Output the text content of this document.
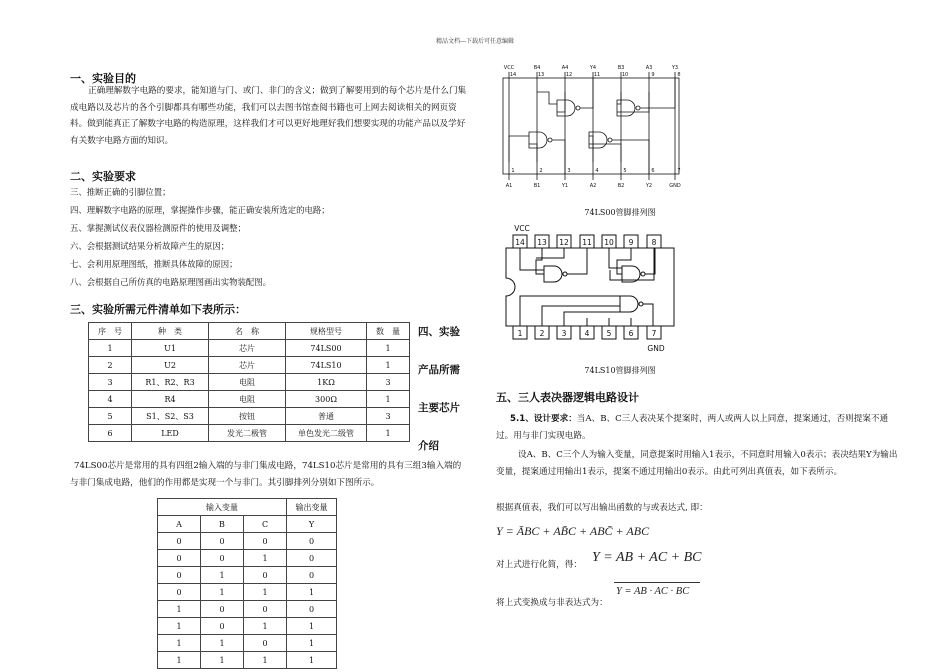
精品文档---下载后可任意编辑
一、实验目的
正确理解数字电路的要求，能知道与门、或门、非门的含义；做到了解要用到的每个芯片是什么门集成电路以及芯片的各个引脚都具有哪些功能，我们可以去图书馆查阅书籍也可上网去阅读相关的网页资料。做到能真正了解数字电路的构造原理，这样我们才可以更好地理好我们想要实现的功能产品以及学好有关数字电路方面的知识。
二、实验要求
三、推断正确的引脚位置；
四、理解数字电路的原理，掌握操作步骤，能正确安装所选定的电路；
五、掌握测试仪表仪器检测原件的使用及调整；
六、会根据测试结果分析故障产生的原因；
七、会利用原理图纸，推断具体故障的原因；
八、会根据自己所仿真的电路原理图画出实物装配图。
三、实验所需元件清单如下表所示：
序　号	种　类	名　称	规格型号	数　量
1	U1	芯片	74LS00	1
2	U2	芯片	74LS10	1
3	R1、R2、R3	电阻	1KΩ	3
4	R4	电阻	300Ω	1
5	S1、S2、S3	按钮	普通	3
6	LED	发光二极管	单色发光二级管	1
四、实验
产品所需
主要芯片
介绍
74LS00芯片是常用的具有四组2输入端的与非门集成电路，74LS10芯片是常用的具有三组3输入端的与非门集成电路，他们的作用都是实现一个与非门。其引脚排列分别如下图所示。
输入变量			输出变量
A	B	C	Y
0	0	0	0
0	0	1	0
0	1	0	0
0	1	1	1
1	0	0	0
1	0	1	1
1	1	0	1
1	1	1	1
VCC	B4	A4	Y4	B3	A3	Y3
14	13	12	11	10	9	8
1	2	3	4	5	6	7
A1	B1	Y1	A2	B2	Y2	GND
74LS00管脚排列图
VCC
14 13 12 11 10 9 8
1 2 3 4 5 6 7
GND
74LS10管脚排列图
五、三人表决器逻辑电路设计
5.1、设计要求：当A、B、C三人表决某个提案时，两人或两人以上同意，提案通过，否则提案不通过。用与非门实现电路。
设A、B、C三个人为输入变量，同意提案时用输入1表示，不同意时用输入0表示；表决结果Y为输出变量，提案通过用输出1表示，提案不通过用输出0表示。由此可列出真值表，如下表所示。
根据真值表，我们可以写出输出函数的与或表达式, 即：
Y = ĀBC + AB̄C + ABC̄ + ABC
对上式进行化简，得： Y = AB + AC + BC
将上式变换成与非表达式为：
Y = AB · AC · BC
